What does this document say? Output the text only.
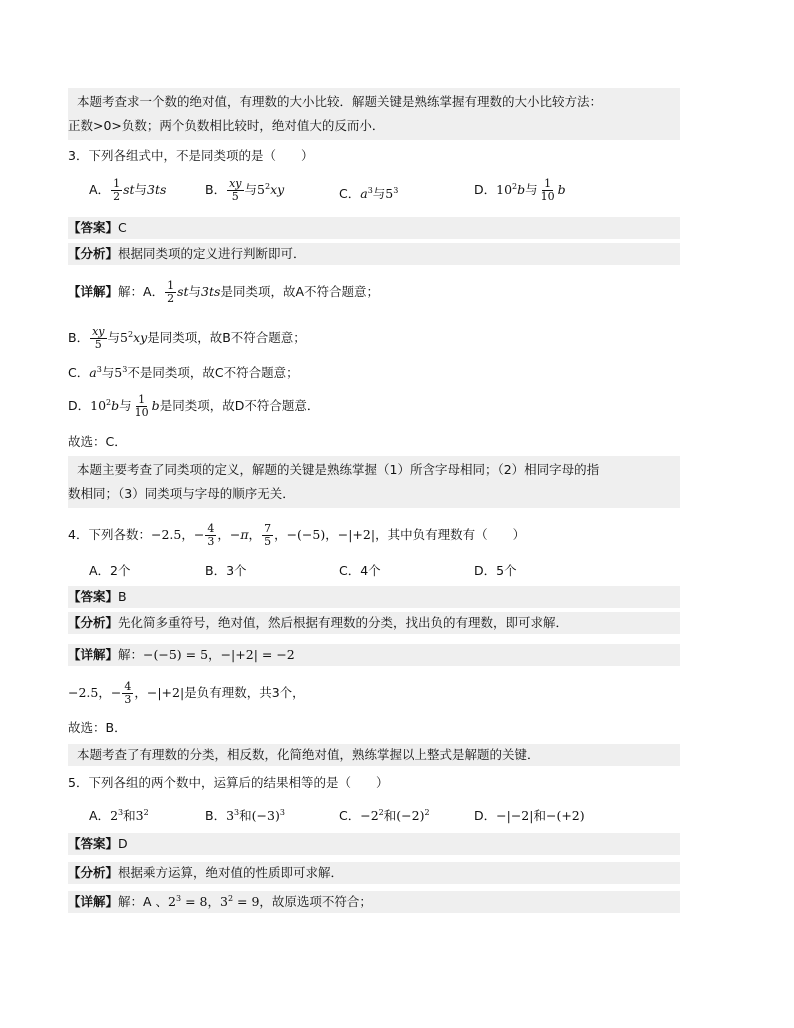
本题考查求一个数的绝对值，有理数的大小比较．解题关键是熟练掌握有理数的大小比较方法：
正数>0>负数；两个负数相比较时，绝对值大的反而小．
3．下列各组式中，不是同类项的是（　　）
A． $\frac{1}{2}$ st与3ts	B． $\frac{xy}{5}$ 与$5^2xy$	C．$a^3$与$5^3$	D．$10^2b$与 $\frac{1}{10}$ b
【答案】C
【分析】根据同类项的定义进行判断即可．
【详解】解：A． $\frac{1}{2}$ st与3ts是同类项，故A不符合题意；
B． $\frac{xy}{5}$ 与$5^2xy$是同类项，故B不符合题意；
C．$a^3$与$5^3$不是同类项，故C不符合题意；
D．$10^2b$与 $\frac{1}{10}$ b是同类项，故D不符合题意．
故选：C．
本题主要考查了同类项的定义，解题的关键是熟练掌握（1）所含字母相同；（2）相同字母的指
数相同；（3）同类项与字母的顺序无关．
4．下列各数：−2.5，− $\frac{4}{3}$ ，−π， $\frac{7}{5}$ ，−(−5)，−|+2|，其中负有理数有（　　）
A．2个	B．3个	C．4个	D．5个
【答案】B
【分析】先化简多重符号，绝对值，然后根据有理数的分类，找出负的有理数，即可求解．
【详解】解：−(−5) = 5，−|+2| = −2
−2.5，− $\frac{4}{3}$ ，−|+2|是负有理数，共3个，
故选：B．
本题考查了有理数的分类，相反数，化简绝对值，熟练掌握以上整式是解题的关键．
5．下列各组的两个数中，运算后的结果相等的是（　　）
A．$2^3$和$3^2$	B．$3^3$和$(-3)^3$	C．$-2^2$和$(-2)^2$	D．−|−2|和−(+2)
【答案】D
【分析】根据乘方运算，绝对值的性质即可求解．
【详解】解：A 、$2^3 = 8$，$3^2 = 9$，故原选项不符合；
